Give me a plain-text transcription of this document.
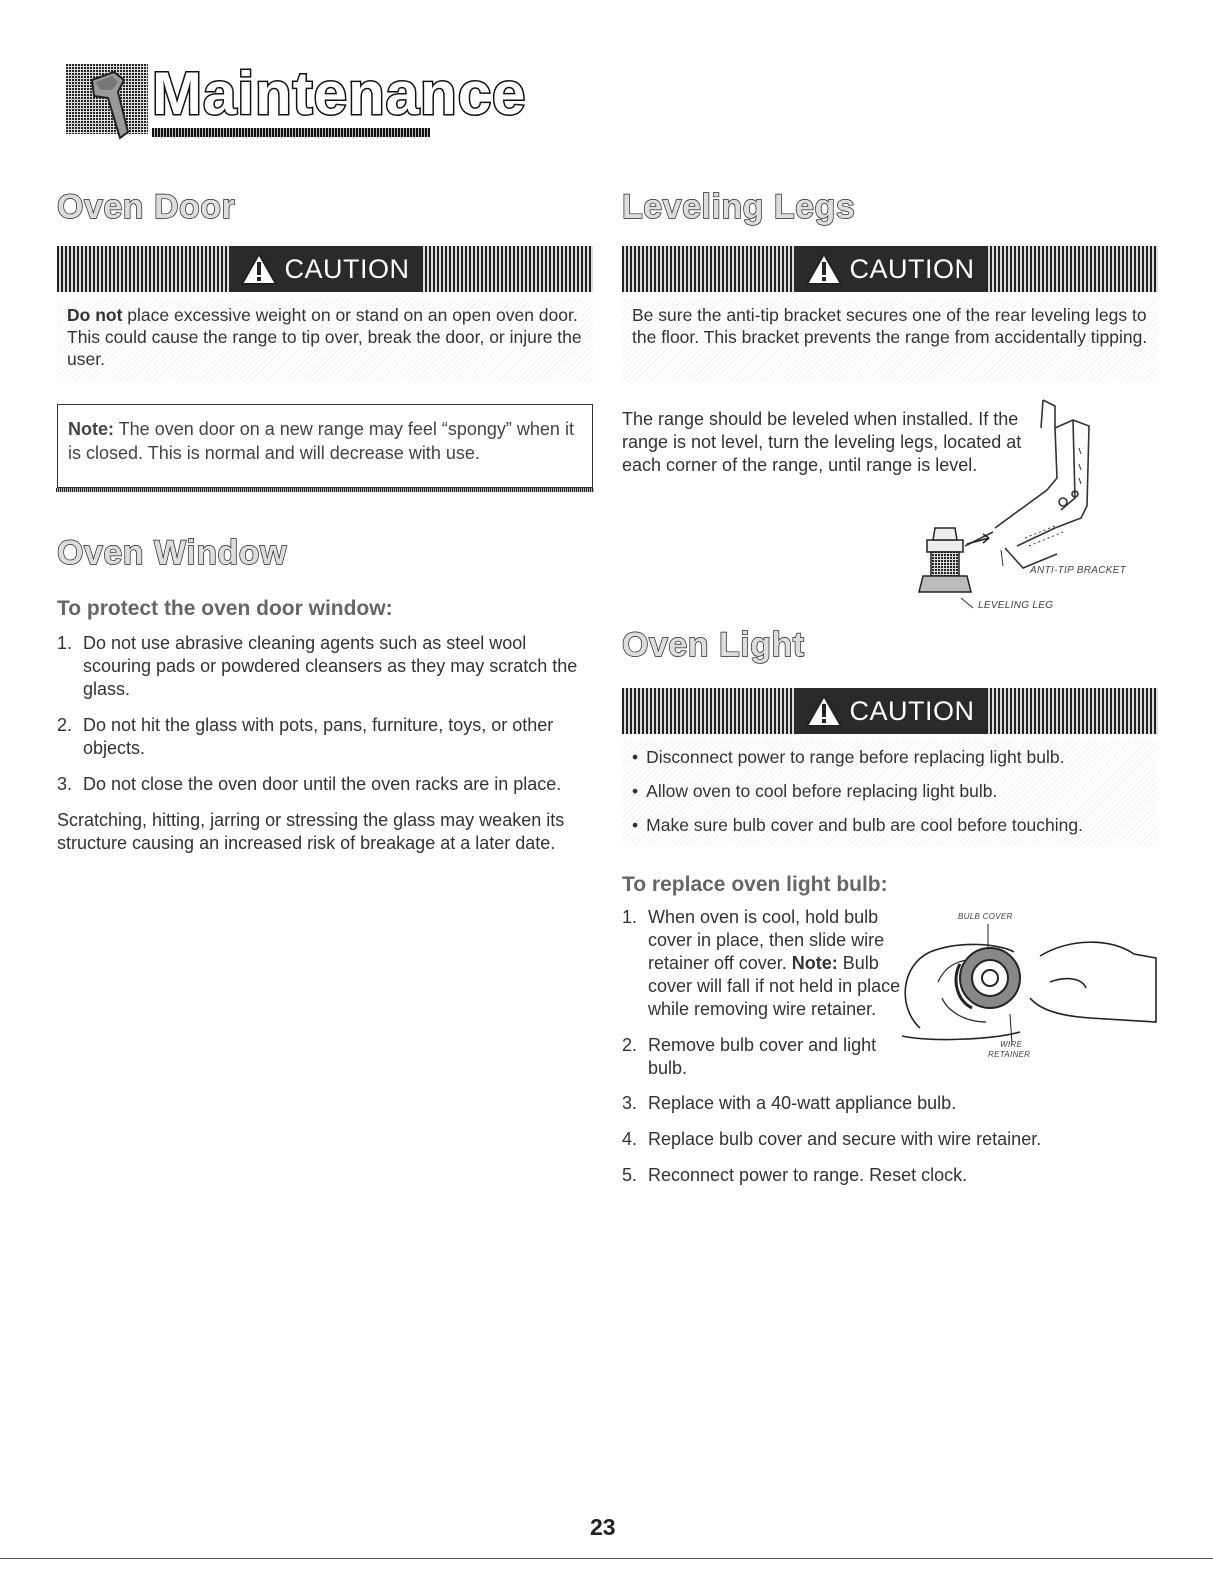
Maintenance
Oven Door
CAUTION

Do not place excessive weight on or stand on an open oven door. This could cause the range to tip over, break the door, or injure the user.

Note: The oven door on a new range may feel “spongy” when it is closed. This is normal and will decrease with use.
Oven Window
To protect the oven door window:
1. Do not use abrasive cleaning agents such as steel wool scouring pads or powdered cleansers as they may scratch the glass.
2. Do not hit the glass with pots, pans, furniture, toys, or other objects.
3. Do not close the oven door until the oven racks are in place.
Scratching, hitting, jarring or stressing the glass may weaken its structure causing an increased risk of breakage at a later date.
Leveling Legs
CAUTION

Be sure the anti-tip bracket secures one of the rear leveling legs to the floor. This bracket prevents the range from accidentally tipping.

The range should be leveled when installed. If the range is not level, turn the leveling legs, located at each corner of the range, until range is level.
ANTI-TIP BRACKET
LEVELING LEG
Oven Light
CAUTION
• Disconnect power to range before replacing light bulb.
• Allow oven to cool before replacing light bulb.
• Make sure bulb cover and bulb are cool before touching.
To replace oven light bulb:
1. When oven is cool, hold bulb cover in place, then slide wire retainer off cover. Note: Bulb cover will fall if not held in place while removing wire retainer.
2. Remove bulb cover and light bulb.
BULB COVER
WIRE
RETAINER
3. Replace with a 40-watt appliance bulb.
4. Replace bulb cover and secure with wire retainer.
5. Reconnect power to range. Reset clock.
23
